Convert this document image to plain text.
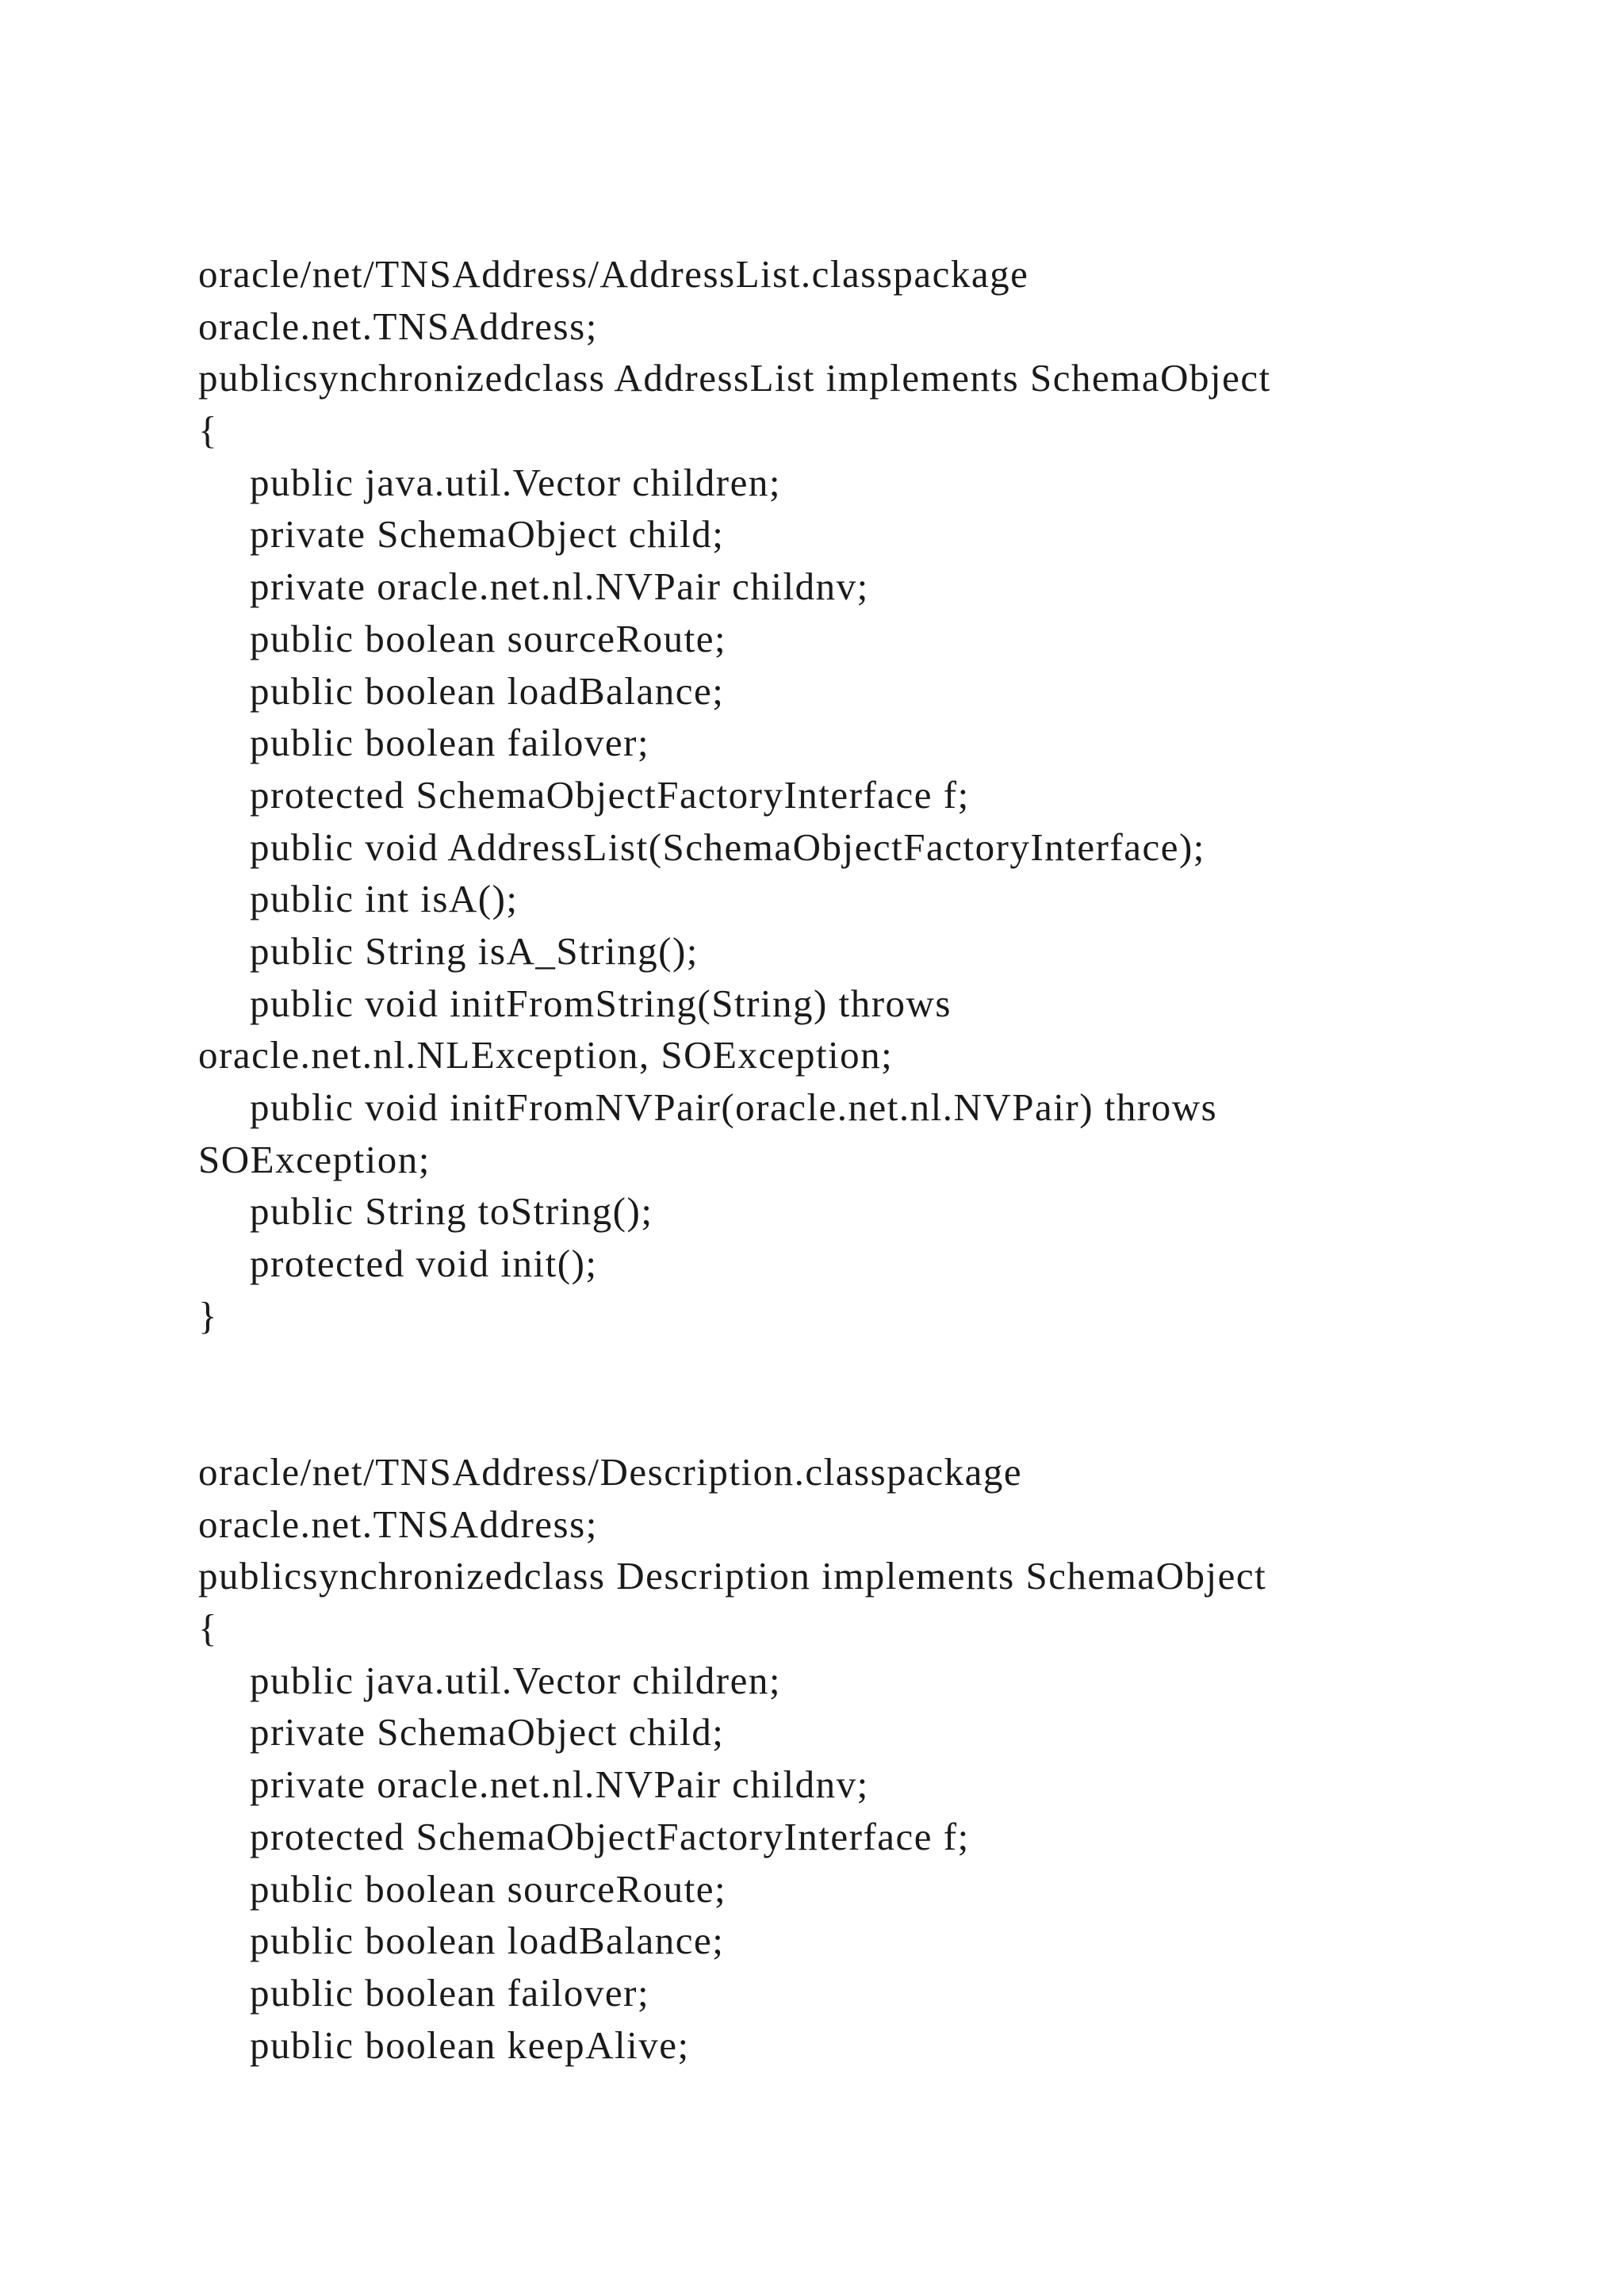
oracle/net/TNSAddress/AddressList.classpackage
oracle.net.TNSAddress;
publicsynchronizedclass AddressList implements SchemaObject
{
public java.util.Vector children;
private SchemaObject child;
private oracle.net.nl.NVPair childnv;
public boolean sourceRoute;
public boolean loadBalance;
public boolean failover;
protected SchemaObjectFactoryInterface f;
public void AddressList(SchemaObjectFactoryInterface);
public int isA();
public String isA_String();
public void initFromString(String) throws
oracle.net.nl.NLException, SOException;
public void initFromNVPair(oracle.net.nl.NVPair) throws
SOException;
public String toString();
protected void init();
}
oracle/net/TNSAddress/Description.classpackage
oracle.net.TNSAddress;
publicsynchronizedclass Description implements SchemaObject
{
public java.util.Vector children;
private SchemaObject child;
private oracle.net.nl.NVPair childnv;
protected SchemaObjectFactoryInterface f;
public boolean sourceRoute;
public boolean loadBalance;
public boolean failover;
public boolean keepAlive;
